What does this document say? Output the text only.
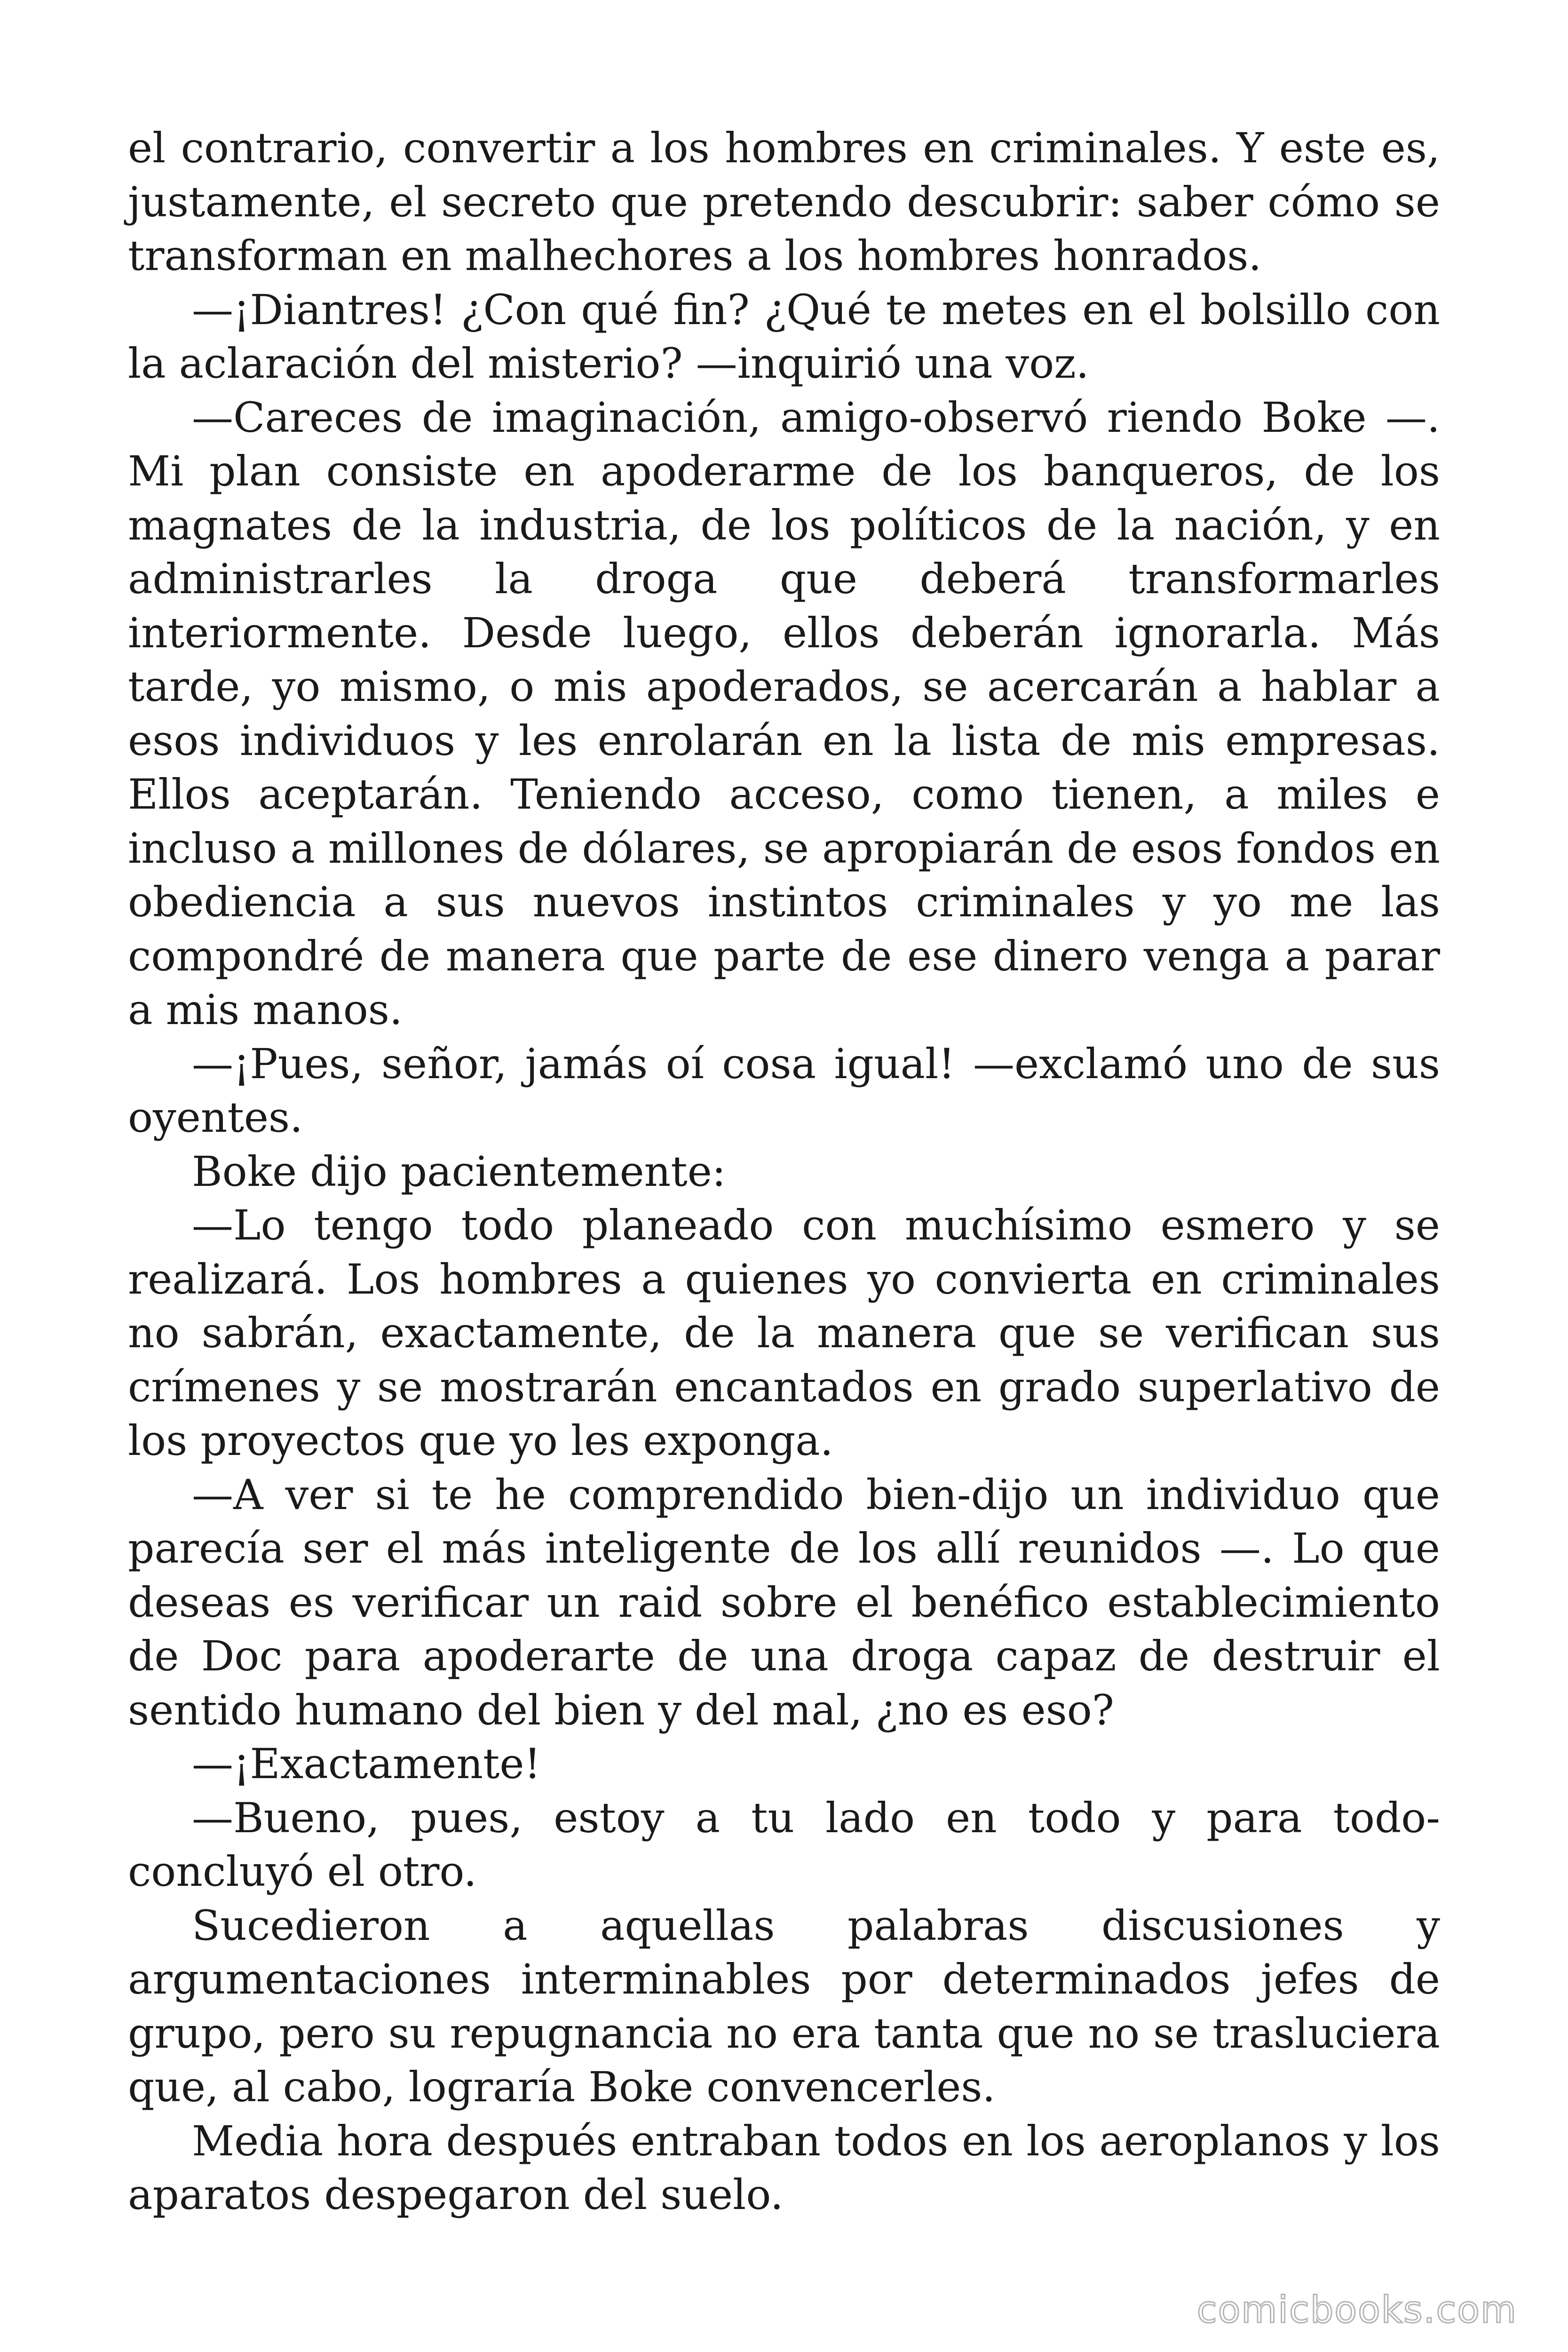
el contrario, convertir a los hombres en criminales. Y este es, justamente, el secreto que pretendo descubrir: saber cómo se transforman en malhechores a los hombres honrados.

—¡Diantres! ¿Con qué fin? ¿Qué te metes en el bolsillo con la aclaración del misterio? —inquirió una voz.

—Careces de imaginación, amigo-observó riendo Boke —. Mi plan consiste en apoderarme de los banqueros, de los magnates de la industria, de los políticos de la nación, y en administrarles la droga que deberá transformarles interiormente. Desde luego, ellos deberán ignorarla. Más tarde, yo mismo, o mis apoderados, se acercarán a hablar a esos individuos y les enrolarán en la lista de mis empresas. Ellos aceptarán. Teniendo acceso, como tienen, a miles e incluso a millones de dólares, se apropiarán de esos fondos en obediencia a sus nuevos instintos criminales y yo me las compondré de manera que parte de ese dinero venga a parar a mis manos.

—¡Pues, señor, jamás oí cosa igual! —exclamó uno de sus oyentes.

Boke dijo pacientemente:

—Lo tengo todo planeado con muchísimo esmero y se realizará. Los hombres a quienes yo convierta en criminales no sabrán, exactamente, de la manera que se verifican sus crímenes y se mostrarán encantados en grado superlativo de los proyectos que yo les exponga.

—A ver si te he comprendido bien-dijo un individuo que parecía ser el más inteligente de los allí reunidos —. Lo que deseas es verificar un raid sobre el benéfico establecimiento de Doc para apoderarte de una droga capaz de destruir el sentido humano del bien y del mal, ¿no es eso?

—¡Exactamente!

—Bueno, pues, estoy a tu lado en todo y para todo-concluyó el otro.

Sucedieron a aquellas palabras discusiones y argumentaciones interminables por determinados jefes de grupo, pero su repugnancia no era tanta que no se trasluciera que, al cabo, lograría Boke convencerles.

Media hora después entraban todos en los aeroplanos y los aparatos despegaron del suelo.

comicbooks.com
